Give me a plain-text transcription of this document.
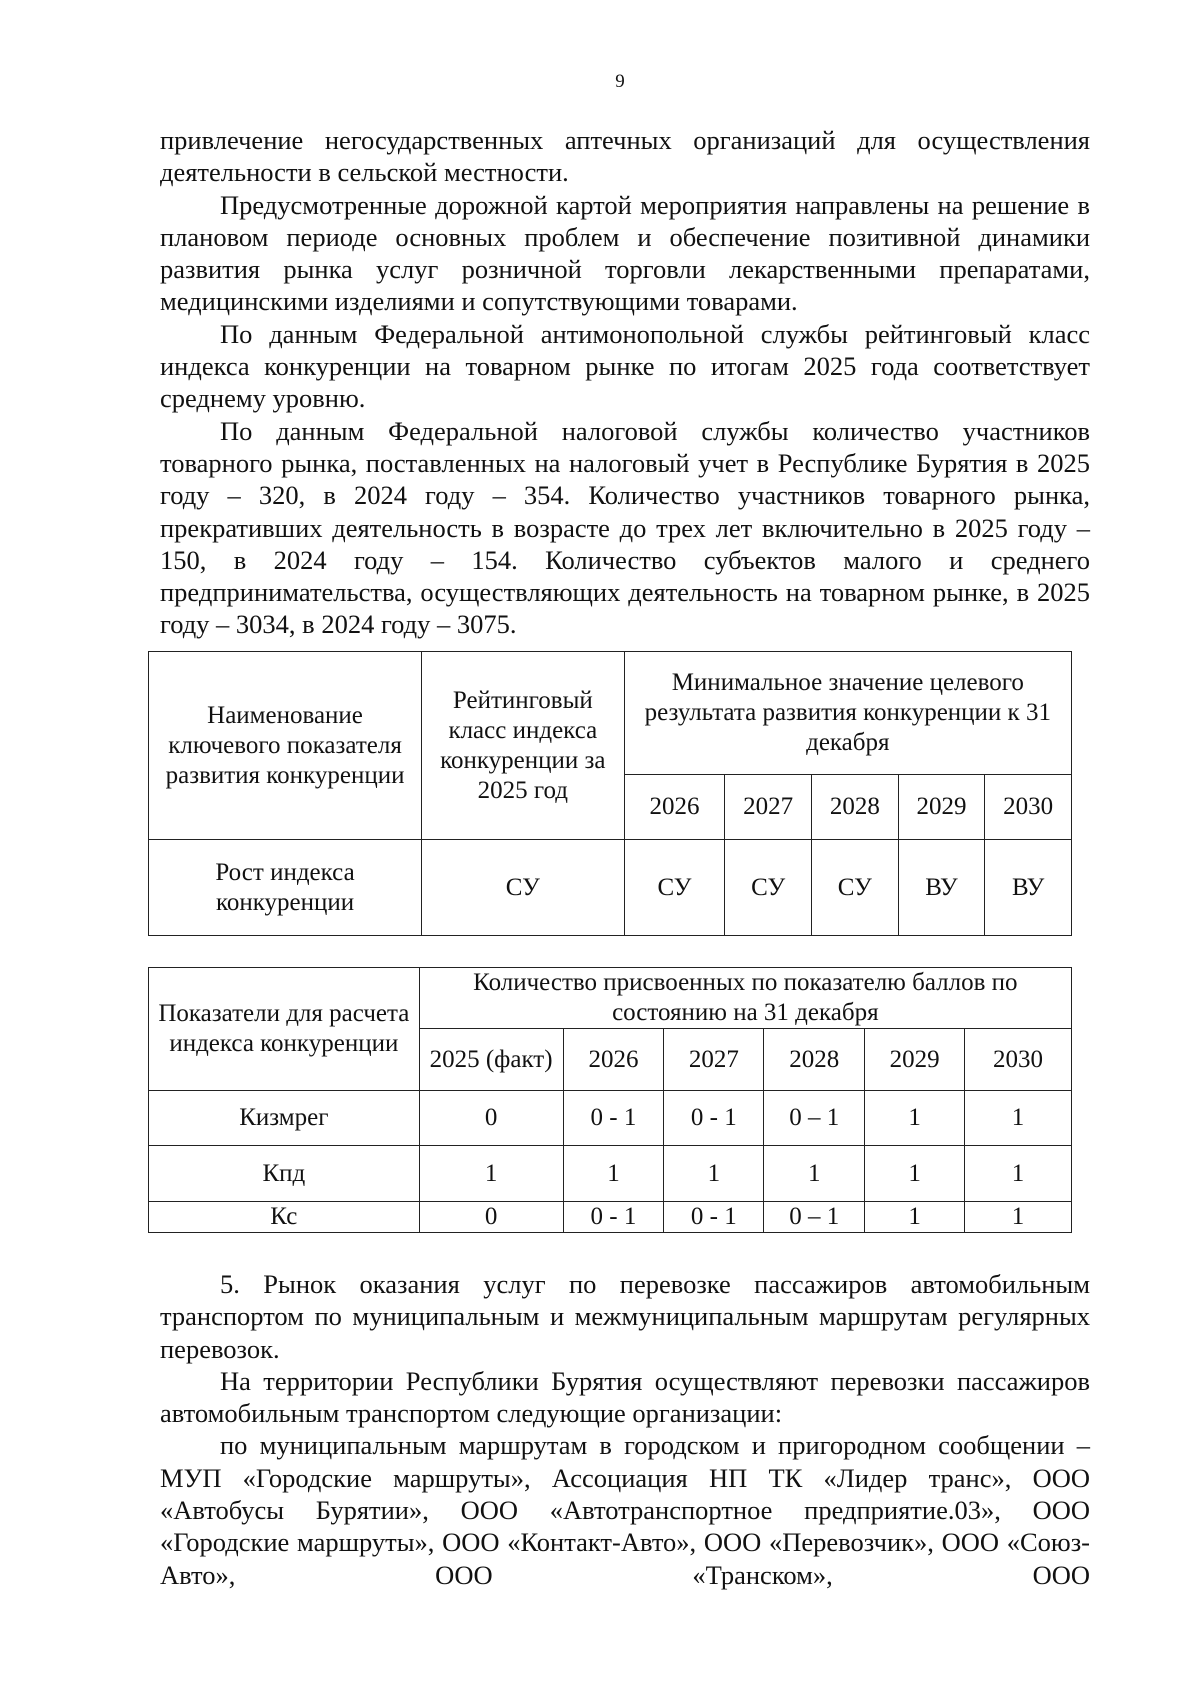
9

привлечение негосударственных аптечных организаций для осуществления деятельности в сельской местности.

Предусмотренные дорожной картой мероприятия направлены на решение в плановом периоде основных проблем и обеспечение позитивной динамики развития рынка услуг розничной торговли лекарственными препаратами, медицинскими изделиями и сопутствующими товарами.

По данным Федеральной антимонопольной службы рейтинговый класс индекса конкуренции на товарном рынке по итогам 2025 года соответствует среднему уровню.

По данным Федеральной налоговой службы количество участников товарного рынка, поставленных на налоговый учет в Республике Бурятия в 2025 году – 320, в 2024 году – 354. Количество участников товарного рынка, прекративших деятельность в возрасте до трех лет включительно в 2025 году – 150, в 2024 году – 154. Количество субъектов малого и среднего предпринимательства, осуществляющих деятельность на товарном рынке, в 2025 году – 3034, в 2024 году – 3075.

Наименование ключевого показателя развития конкуренции	Рейтинговый класс индекса конкуренции за 2025 год	Минимальное значение целевого результата развития конкуренции к 31 декабря				
		2026	2027	2028	2029	2030
Рост индекса конкуренции	СУ	СУ	СУ	СУ	ВУ	ВУ
Показатели для расчета индекса конкуренции	Количество присвоенных по показателю баллов по состоянию на 31 декабря					
	2025 (факт)	2026	2027	2028	2029	2030
Кизмрег	0	0 - 1	0 - 1	0 – 1	1	1
Кпд	1	1	1	1	1	1
Кс	0	0 - 1	0 - 1	0 – 1	1	1

5. Рынок оказания услуг по перевозке пассажиров автомобильным транспортом по муниципальным и межмуниципальным маршрутам регулярных перевозок.

На территории Республики Бурятия осуществляют перевозки пассажиров автомобильным транспортом следующие организации:

по муниципальным маршрутам в городском и пригородном сообщении – МУП «Городские маршруты», Ассоциация НП ТК «Лидер транс», ООО «Автобусы Бурятии», ООО «Автотранспортное предприятие.03», ООО «Городские маршруты», ООО «Контакт-Авто», ООО «Перевозчик», ООО «Союз-Авто», ООО «Транском», ООО
